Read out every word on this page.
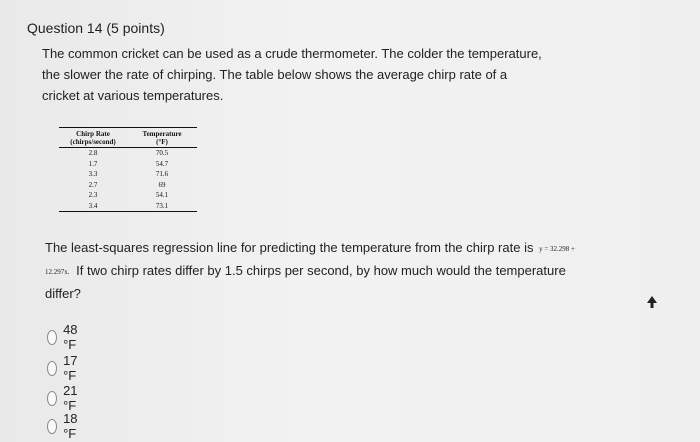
Question 14 (5 points)
The common cricket can be used as a crude thermometer. The colder the temperature, the slower the rate of chirping. The table below shows the average chirp rate of a cricket at various temperatures.
Chirp Rate	Temperature
(chirps/second)	(°F)
2.8	70.5
1.7	54.7
3.3	71.6
2.7	69
2.3	54.1
3.4	73.1
The least-squares regression line for predicting the temperature from the chirp rate is y = 32.298 + 12.297x. If two chirp rates differ by 1.5 chirps per second, by how much would the temperature differ?
48 °F
17 °F
21 °F
18 °F
